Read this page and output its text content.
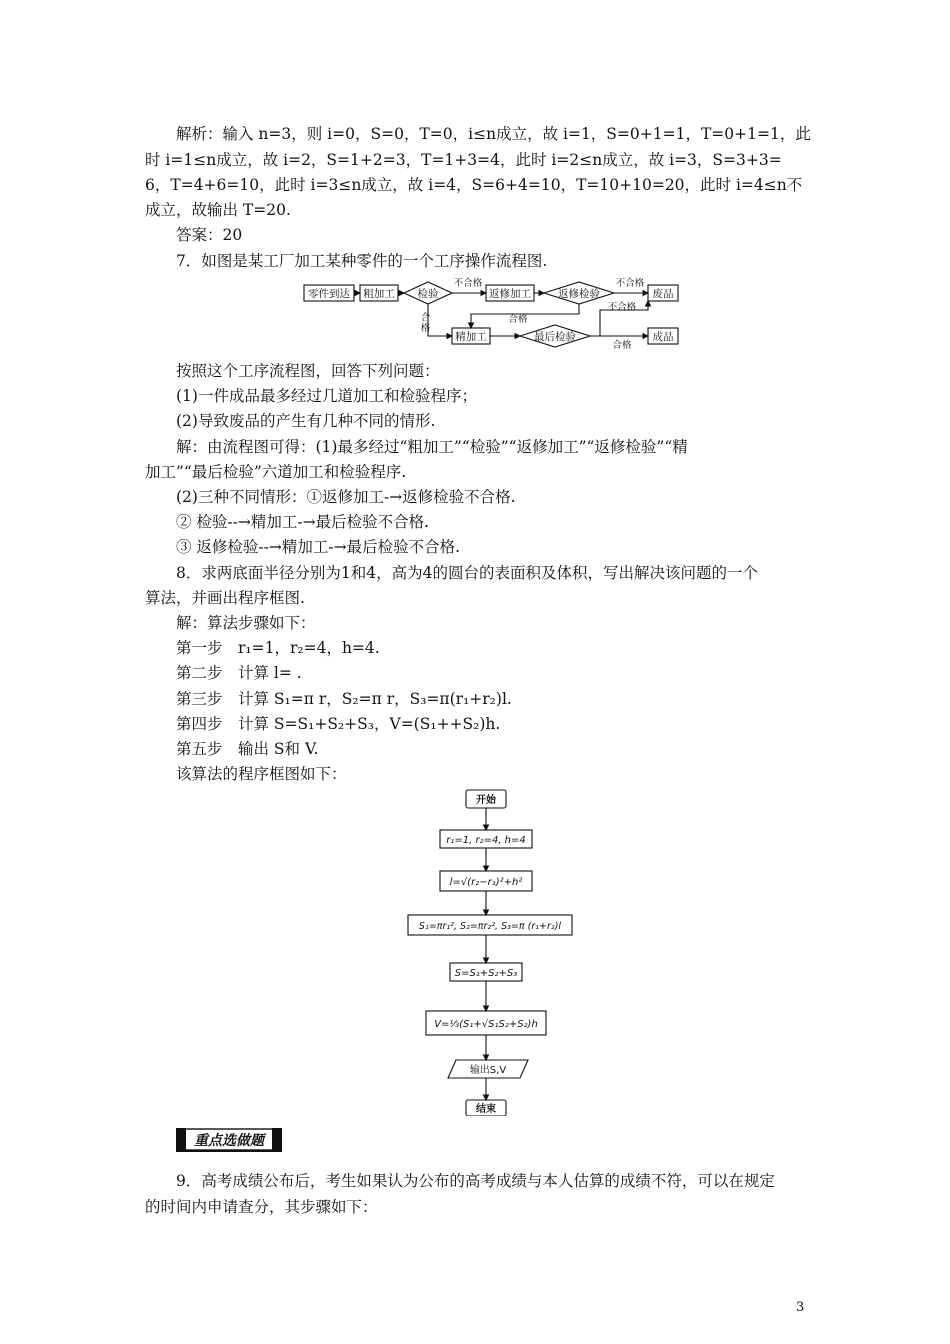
解析：输入 n=3，则 i=0，S=0，T=0，i≤n成立，故 i=1，S=0+1=1，T=0+1=1，此
时 i=1≤n成立，故 i=2，S=1+2=3，T=1+3=4，此时 i=2≤n成立，故 i=3，S=3+3=
6，T=4+6=10，此时 i=3≤n成立，故 i=4，S=6+4=10，T=10+10=20，此时 i=4≤n不
成立，故输出 T=20.
答案：20
7．如图是某工厂加工某种零件的一个工序操作流程图.
零件到达 粗加工 检验	返修加工	返修检验	废品
精加工	最后检验	成品
不合格	不合格
不合格
合格
合格
合格
按照这个工序流程图，回答下列问题：
(1)一件成品最多经过几道加工和检验程序；
(2)导致废品的产生有几种不同的情形.
解：由流程图可得：(1)最多经过“粗加工”“检验”“返修加工”“返修检验”“精
加工”“最后检验”六道加工和检验程序.
(2)三种不同情形：①返修加工-→返修检验不合格.
② 检验--→精加工-→最后检验不合格.
③ 返修检验--→精加工-→最后检验不合格.
8．求两底面半径分别为1和4，高为4的圆台的表面积及体积，写出解决该问题的一个
算法，并画出程序框图.
解：算法步骤如下：
第一步　r₁=1，r₂=4，h=4.
第二步　计算 l= .
第三步　计算 S₁=π r，S₂=π r，S₃=π(r₁+r₂)l.
第四步　计算 S=S₁+S₂+S₃，V=(S₁++S₂)h.
第五步　输出 S和 V.
该算法的程序框图如下：
开始
r₁=1, r₂=4, h=4
l=√(r₂−r₁)²+h²
S₁=πr₁², S₂=πr₂², S₃=π (r₁+r₂)l
S=S₁+S₂+S₃
V=⅓(S₁+√S₁S₂+S₂)h
输出S,V
结束
重点选做题
9．高考成绩公布后，考生如果认为公布的高考成绩与本人估算的成绩不符，可以在规定
的时间内申请查分，其步骤如下：
3
